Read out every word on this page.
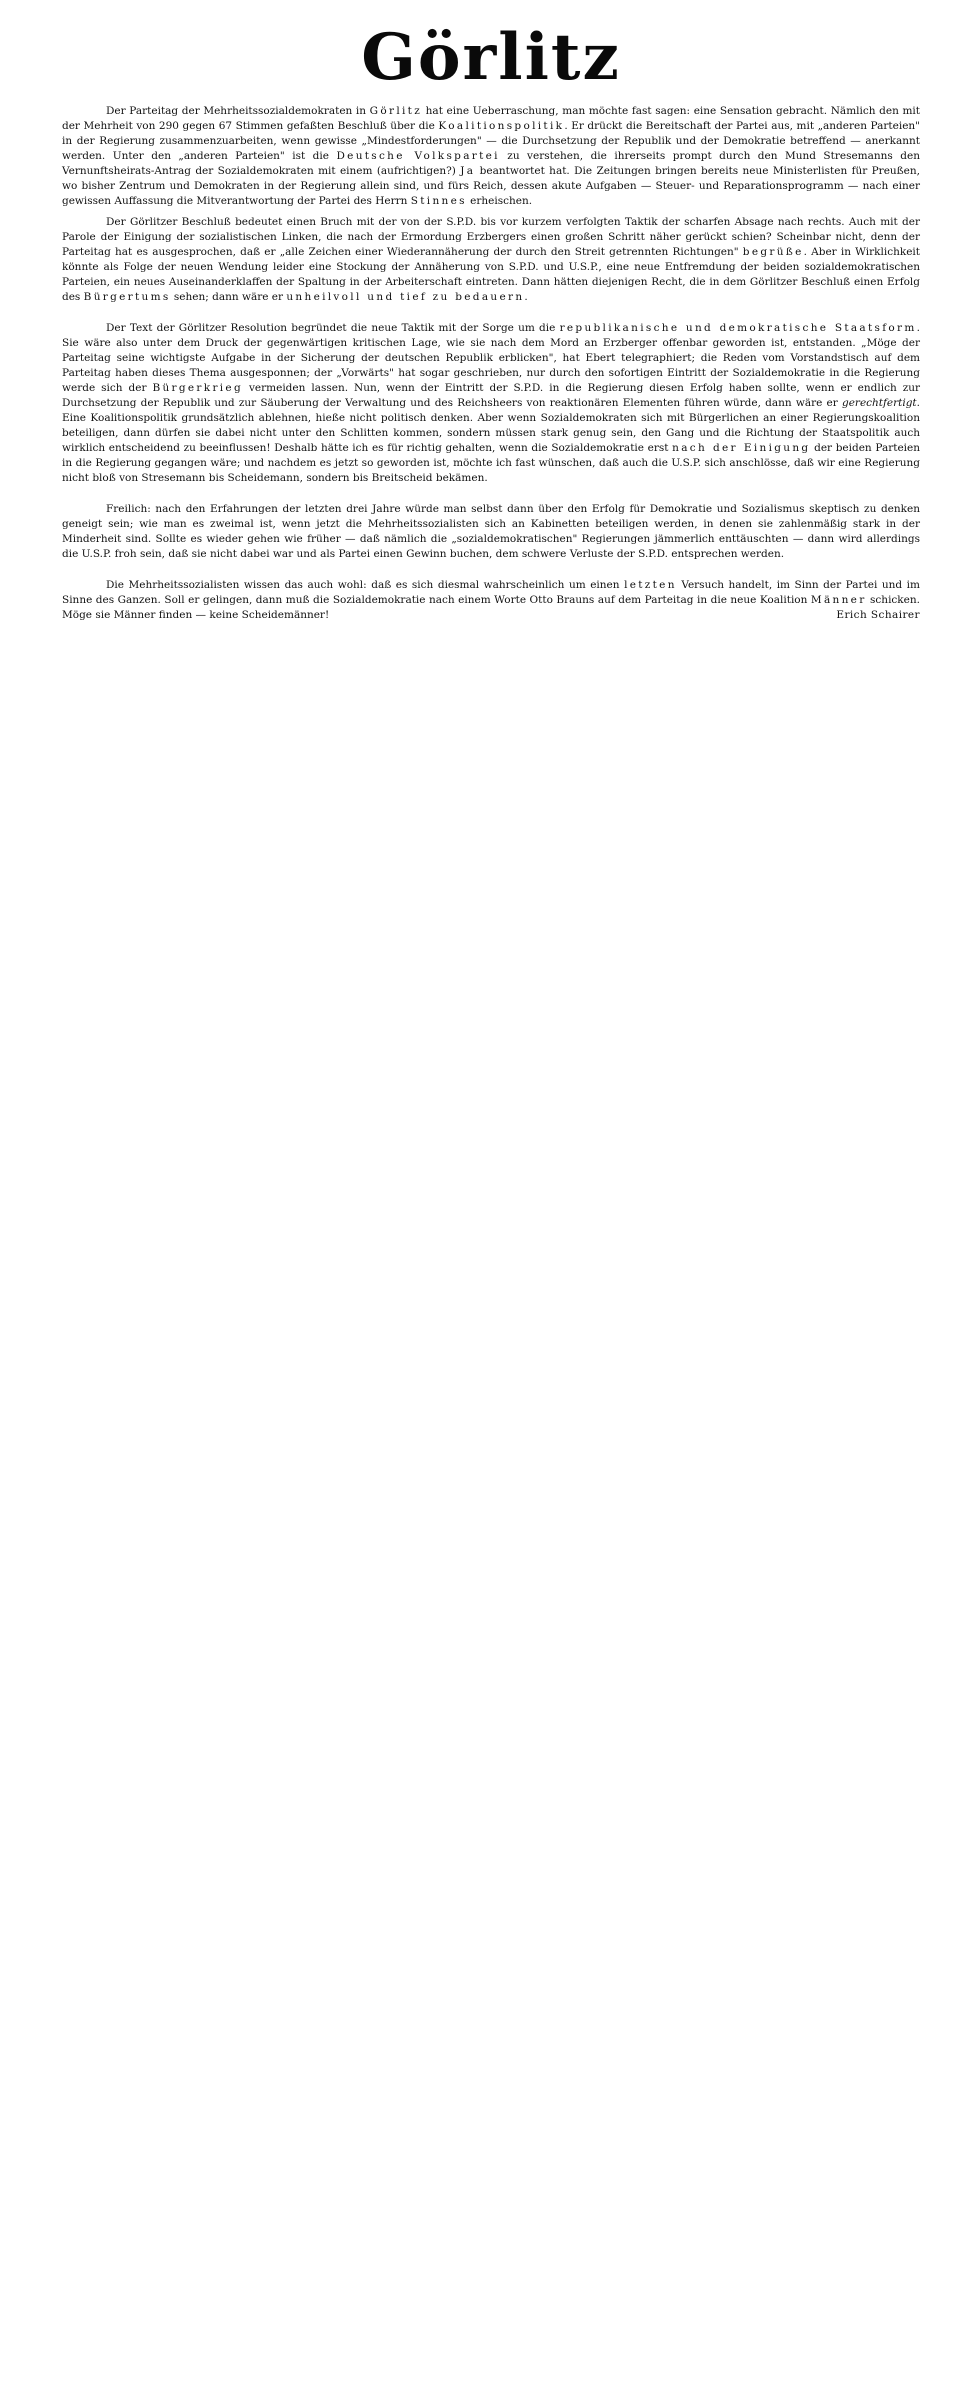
Görlitz

Der Parteitag der Mehrheitssozialdemokraten in Görlitz hat eine Ueberraschung, man möchte fast sagen: eine Sensation gebracht. Nämlich den mit der Mehrheit von 290 gegen 67 Stimmen gefaßten Beschluß über die Koalitionspolitik. Er drückt die Bereitschaft der Partei aus, mit „anderen Parteien" in der Regierung zusammenzuarbeiten, wenn gewisse „Mindestforderungen" — die Durchsetzung der Republik und der Demokratie betreffend — anerkannt werden. Unter den „anderen Parteien" ist die Deutsche Volkspartei zu verstehen, die ihrerseits prompt durch den Mund Stresemanns den Vernunftsheirats-Antrag der Sozialdemokraten mit einem (aufrichtigen?) Ja beantwortet hat. Die Zeitungen bringen bereits neue Ministerlisten für Preußen, wo bisher Zentrum und Demokraten in der Regierung allein sind, und fürs Reich, dessen akute Aufgaben — Steuer- und Reparationsprogramm — nach einer gewissen Auffassung die Mitverantwortung der Partei des Herrn Stinnes erheischen.

Der Görlitzer Beschluß bedeutet einen Bruch mit der von der S.P.D. bis vor kurzem verfolgten Taktik der scharfen Absage nach rechts. Auch mit der Parole der Einigung der sozialistischen Linken, die nach der Ermordung Erzbergers einen großen Schritt näher gerückt schien? Scheinbar nicht, denn der Parteitag hat es ausgesprochen, daß er „alle Zeichen einer Wiederannäherung der durch den Streit getrennten Richtungen" begrüße. Aber in Wirklichkeit könnte als Folge der neuen Wendung leider eine Stockung der Annäherung von S.P.D. und U.S.P., eine neue Entfremdung der beiden sozialdemokratischen Parteien, ein neues Auseinanderklaffen der Spaltung in der Arbeiterschaft eintreten. Dann hätten diejenigen Recht, die in dem Görlitzer Beschluß einen Erfolg des Bürgertums sehen; dann wäre er unheilvoll und tief zu bedauern.

Der Text der Görlitzer Resolution begründet die neue Taktik mit der Sorge um die republikanische und demokratische Staatsform. Sie wäre also unter dem Druck der gegenwärtigen kritischen Lage, wie sie nach dem Mord an Erzberger offenbar geworden ist, entstanden. „Möge der Parteitag seine wichtigste Aufgabe in der Sicherung der deutschen Republik erblicken", hat Ebert telegraphiert; die Reden vom Vorstandstisch auf dem Parteitag haben dieses Thema ausgesponnen; der „Vorwärts" hat sogar geschrieben, nur durch den sofortigen Eintritt der Sozialdemokratie in die Regierung werde sich der Bürgerkrieg vermeiden lassen. Nun, wenn der Eintritt der S.P.D. in die Regierung diesen Erfolg haben sollte, wenn er endlich zur Durchsetzung der Republik und zur Säuberung der Verwaltung und des Reichsheers von reaktionären Elementen führen würde, dann wäre er gerechtfertigt. Eine Koalitionspolitik grundsätzlich ablehnen, hieße nicht politisch denken. Aber wenn Sozialdemokraten sich mit Bürgerlichen an einer Regierungskoalition beteiligen, dann dürfen sie dabei nicht unter den Schlitten kommen, sondern müssen stark genug sein, den Gang und die Richtung der Staatspolitik auch wirklich entscheidend zu beeinflussen! Deshalb hätte ich es für richtig gehalten, wenn die Sozialdemokratie erst nach der Einigung der beiden Parteien in die Regierung gegangen wäre; und nachdem es jetzt so geworden ist, möchte ich fast wünschen, daß auch die U.S.P. sich anschlösse, daß wir eine Regierung nicht bloß von Stresemann bis Scheidemann, sondern bis Breitscheid bekämen.

Freilich: nach den Erfahrungen der letzten drei Jahre würde man selbst dann über den Erfolg für Demokratie und Sozialismus skeptisch zu denken geneigt sein; wie man es zweimal ist, wenn jetzt die Mehrheitssozialisten sich an Kabinetten beteiligen werden, in denen sie zahlenmäßig stark in der Minderheit sind. Sollte es wieder gehen wie früher — daß nämlich die „sozialdemokratischen" Regierungen jämmerlich enttäuschten — dann wird allerdings die U.S.P. froh sein, daß sie nicht dabei war und als Partei einen Gewinn buchen, dem schwere Verluste der S.P.D. entsprechen werden.

Die Mehrheitssozialisten wissen das auch wohl: daß es sich diesmal wahrscheinlich um einen letzten Versuch handelt, im Sinn der Partei und im Sinne des Ganzen. Soll er gelingen, dann muß die Sozialdemokratie nach einem Worte Otto Brauns auf dem Parteitag in die neue Koalition Männer schicken. Möge sie Männer finden — keine Scheidemänner!	Erich Schairer
